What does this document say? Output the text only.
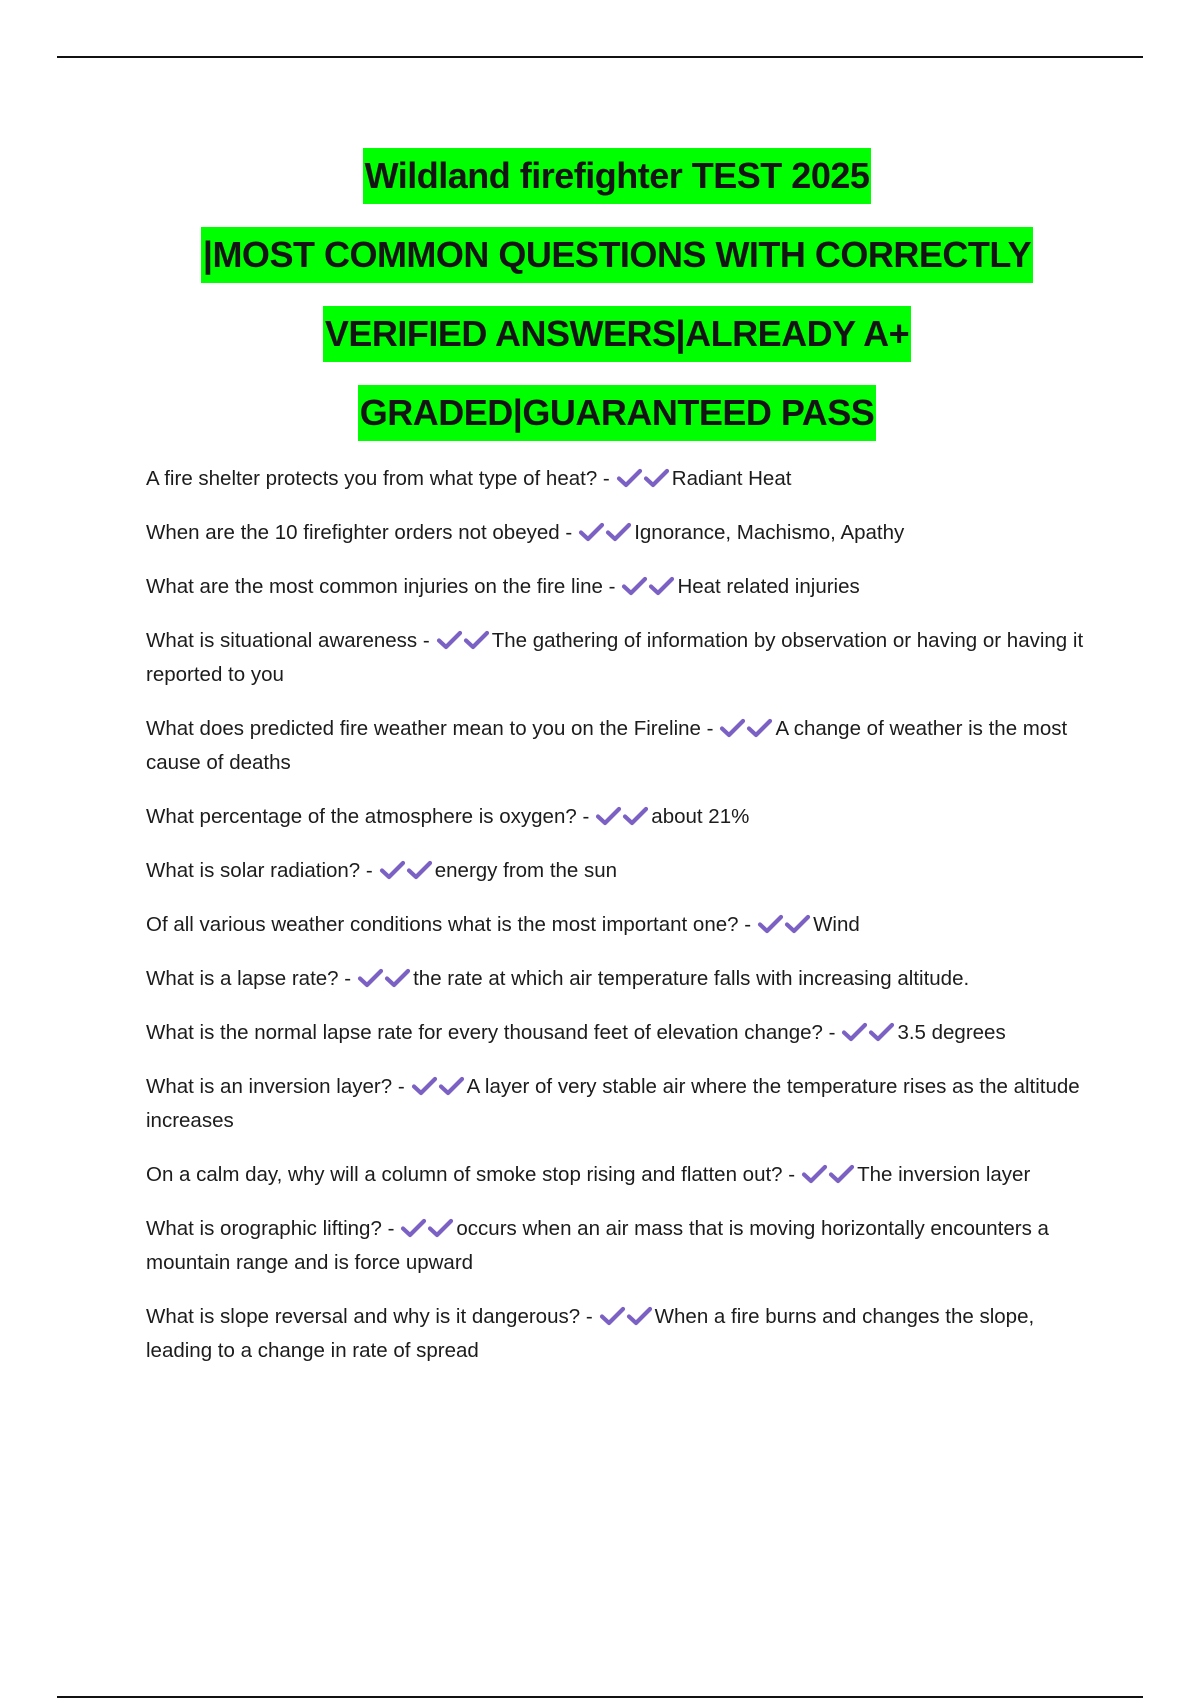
Wildland firefighter TEST 2025
|MOST COMMON QUESTIONS WITH CORRECTLY
VERIFIED ANSWERS|ALREADY A+
GRADED|GUARANTEED PASS
A fire shelter protects you from what type of heat? -	Radiant Heat
When are the 10 firefighter orders not obeyed -	Ignorance, Machismo, Apathy
What are the most common injuries on the fire line -	Heat related injuries
What is situational awareness -	The gathering of information by observation or having or having it reported to you
What does predicted fire weather mean to you on the Fireline -	A change of weather is the most cause of deaths
What percentage of the atmosphere is oxygen? -	about 21%
What is solar radiation? -	energy from the sun
Of all various weather conditions what is the most important one? -	Wind
What is a lapse rate? -	the rate at which air temperature falls with increasing altitude.
What is the normal lapse rate for every thousand feet of elevation change? -	3.5 degrees
What is an inversion layer? -	A layer of very stable air where the temperature rises as the altitude increases
On a calm day, why will a column of smoke stop rising and flatten out? -	The inversion layer
What is orographic lifting? -	occurs when an air mass that is moving horizontally encounters a mountain range and is force upward
What is slope reversal and why is it dangerous? -	When a fire burns and changes the slope, leading to a change in rate of spread
